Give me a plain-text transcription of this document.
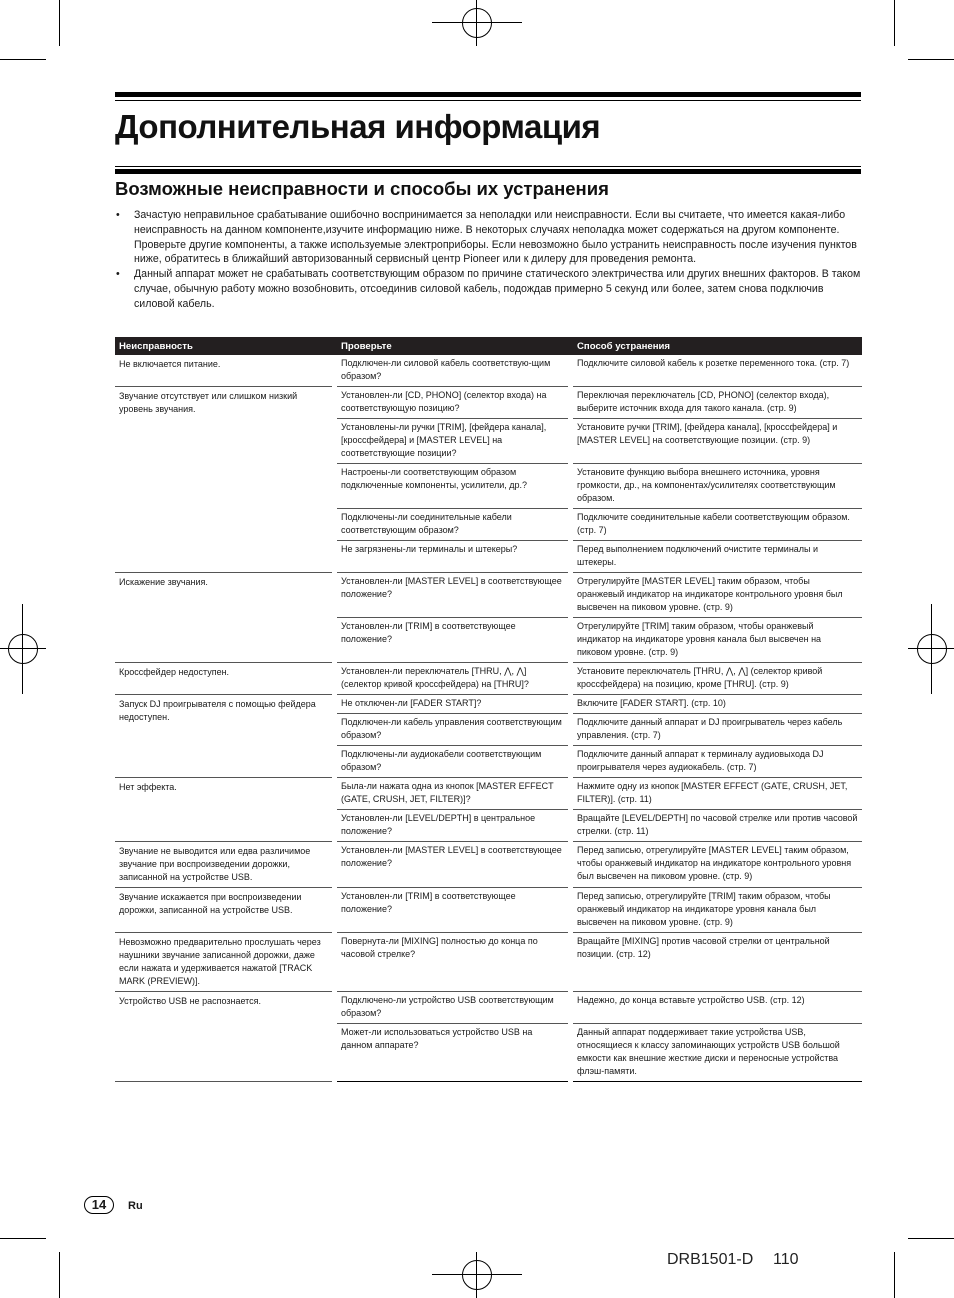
Дополнительная информация
Возможные неисправности и способы их устранения
• Зачастую неправильное срабатывание ошибочно воспринимается за неполадки или неисправности. Если вы считаете, что имеется какая-либо неисправность на данном компоненте,изучите информацию ниже. В некоторых случаях неполадка может содержаться на другом компоненте. Проверьте другие компоненты, а также используемые электроприборы. Если невозможно было устранить неисправность после изучения пунктов ниже, обратитесь в ближайший авторизованный сервисный центр Pioneer или к дилеру для проведения ремонта.
• Данный аппарат может не срабатывать соответствующим образом по причине статического электричества или других внешних факторов. В таком случае, обычную работу можно возобновить, отсоединив силовой кабель, подождав примерно 5 секунд или более, затем снова подключив силовой кабель.
Неисправность	Проверьте	Способ устранения
Не включается питание.	Подключен-ли силовой кабель соответствую-щим образом?	Подключите силовой кабель к розетке переменного тока. (стр. 7)
Звучание отсутствует или слишком низкий уровень звучания.	Установлен-ли [CD, PHONO] (селектор входа) на соответствующую позицию?	Переключая переключатель [CD, PHONO] (селектор входа), выберите источник входа для такого канала. (стр. 9)
	Установлены-ли ручки [TRIM], [фейдера канала], [кроссфейдера] и [MASTER LEVEL] на соответствующие позиции?	Установите ручки [TRIM], [фейдера канала], [кроссфейдера] и [MASTER LEVEL] на соответствующие позиции. (стр. 9)
	Настроены-ли соответствующим образом подключенные компоненты, усилители, др.?	Установите функцию выбора внешнего источника, уровня громкости, др., на компонентах/усилителях соответствующим образом.
	Подключены-ли соединительные кабели соответствующим образом?	Подключите соединительные кабели соответствующим образом. (стр. 7)
	Не загрязнены-ли терминалы и штекеры?	Перед выполнением подключений очистите терминалы и штекеры.
Искажение звучания.	Установлен-ли [MASTER LEVEL] в соответствующее положение?	Отрегулируйте [MASTER LEVEL] таким образом, чтобы оранжевый индикатор на индикаторе контрольного уровня был высвечен на пиковом уровне. (стр. 9)
	Установлен-ли [TRIM] в соответствующее положение?	Отрегулируйте [TRIM] таким образом, чтобы оранжевый индикатор на индикаторе уровня канала был высвечен на пиковом уровне. (стр. 9)
Кроссфейдер недоступен.	Установлен-ли переключатель [THRU, ⋀, ⋀] (селектор кривой кроссфейдера) на [THRU]?	Установите переключатель [THRU, ⋀, ⋀] (селектор кривой кроссфейдера) на позицию, кроме [THRU]. (стр. 9)
Запуск DJ проигрывателя с помощью фейдера недоступен.	Не отключен-ли [FADER START]?	Включите [FADER START]. (стр. 10)
	Подключен-ли кабель управления соответствующим образом?	Подключите данный аппарат и DJ проигрыватель через кабель управления. (стр. 7)
	Подключены-ли аудиокабели соответствующим образом?	Подключите данный аппарат к терминалу аудиовыхода DJ проигрывателя через аудиокабель. (стр. 7)
Нет эффекта.	Была-ли нажата одна из кнопок [MASTER EFFECT (GATE, CRUSH, JET, FILTER)]?	Нажмите одну из кнопок [MASTER EFFECT (GATE, CRUSH, JET, FILTER)]. (стр. 11)
	Установлен-ли [LEVEL/DEPTH] в центральное положение?	Вращайте [LEVEL/DEPTH] по часовой стрелке или против часовой стрелки. (стр. 11)
Звучание не выводится или едва различимое звучание при воспроизведении дорожки, записанной на устройстве USB.	Установлен-ли [MASTER LEVEL] в соответствующее положение?	Перед записью, отрегулируйте [MASTER LEVEL] таким образом, чтобы оранжевый индикатор на индикаторе контрольного уровня был высвечен на пиковом уровне. (стр. 9)
Звучание искажается при воспроизведении дорожки, записанной на устройстве USB.	Установлен-ли [TRIM] в соответствующее положение?	Перед записью, отрегулируйте [TRIM] таким образом, чтобы оранжевый индикатор на индикаторе уровня канала был высвечен на пиковом уровне. (стр. 9)
Невозможно предварительно прослушать через наушники звучание записанной дорожки, даже если нажата и удерживается нажатой [TRACK MARK (PREVIEW)].	Повернута-ли [MIXING] полностью до конца по часовой стрелке?	Вращайте [MIXING] против часовой стрелки от центральной позиции. (стр. 12)
Устройство USB не распознается.	Подключено-ли устройство USB соответствующим образом?	Надежно, до конца вставьте устройство USB. (стр. 12)
	Может-ли использоваться устройство USB на данном аппарате?	Данный аппарат поддерживает такие устройства USB, относящиеся к классу запоминающих устройств USB большой емкости как внешние жесткие диски и переносные устройства флэш-памяти.
14	Ru
DRB1501-D 110
